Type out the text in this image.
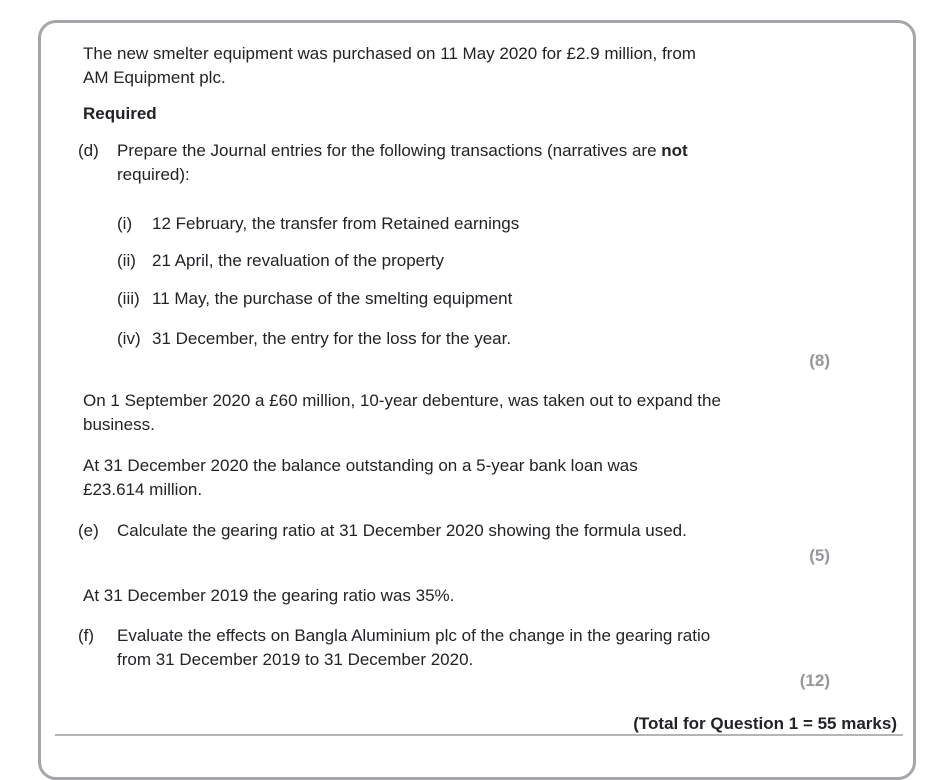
The new smelter equipment was purchased on 11 May 2020 for £2.9 million, from
AM Equipment plc.
Required
(d)	Prepare the Journal entries for the following transactions (narratives are not
required):
(i)	12 February, the transfer from Retained earnings
(ii) 21 April, the revaluation of the property
(iii) 11 May, the purchase of the smelting equipment
(iv) 31 December, the entry for the loss for the year.
(8)
On 1 September 2020 a £60 million, 10-year debenture, was taken out to expand the
business.
At 31 December 2020 the balance outstanding on a 5-year bank loan was
£23.614 million.
(e)	Calculate the gearing ratio at 31 December 2020 showing the formula used.
(5)
At 31 December 2019 the gearing ratio was 35%.
(f)	Evaluate the effects on Bangla Aluminium plc of the change in the gearing ratio
from 31 December 2019 to 31 December 2020.
(12)
(Total for Question 1 = 55 marks)
